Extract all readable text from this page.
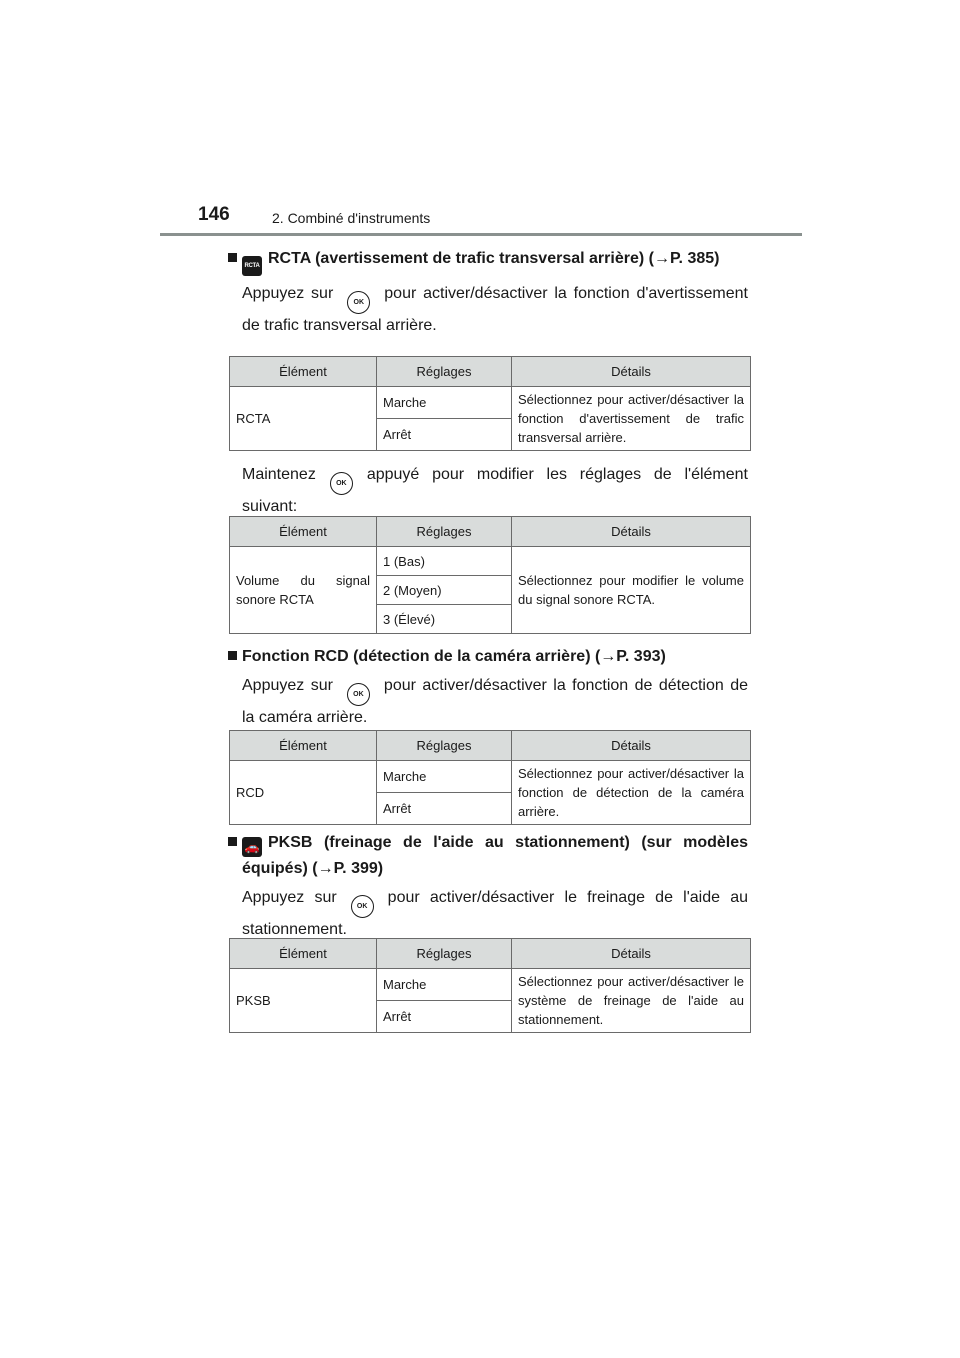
146	2. Combiné d'instruments
RCTA RCTA (avertissement de trafic transversal arrière) (→P. 385)
Appuyez surOKpour activer/désactiver la fonction d'avertissement de trafic transversal arrière.
Élément	Réglages	Détails
RCTA	Marche	Sélectionnez pour activer/désactiver la fonction d'avertissement de trafic transversal arrière.
	Arrêt	
MaintenezOKappuyé pour modifier les réglages de l'élément suivant:
Élément	Réglages	Détails
Volume du signal sonore RCTA	1 (Bas)	Sélectionnez pour modifier le volume du signal sonore RCTA.
	2 (Moyen)	
	3 (Élevé)	
Fonction RCD (détection de la caméra arrière) (→P. 393)
Appuyez surOKpour activer/désactiver la fonction de détection de la caméra arrière.
Élément	Réglages	Détails
RCD	Marche	Sélectionnez pour activer/désactiver la fonction de détection de la caméra arrière.
	Arrêt	
🚗 PKSB (freinage de l'aide au stationnement) (sur modèles équipés) (→P. 399)
Appuyez surOKpour activer/désactiver le freinage de l'aide au stationnement.
Élément	Réglages	Détails
PKSB	Marche	Sélectionnez pour activer/désactiver le système de freinage de l'aide au stationnement.
	Arrêt	
